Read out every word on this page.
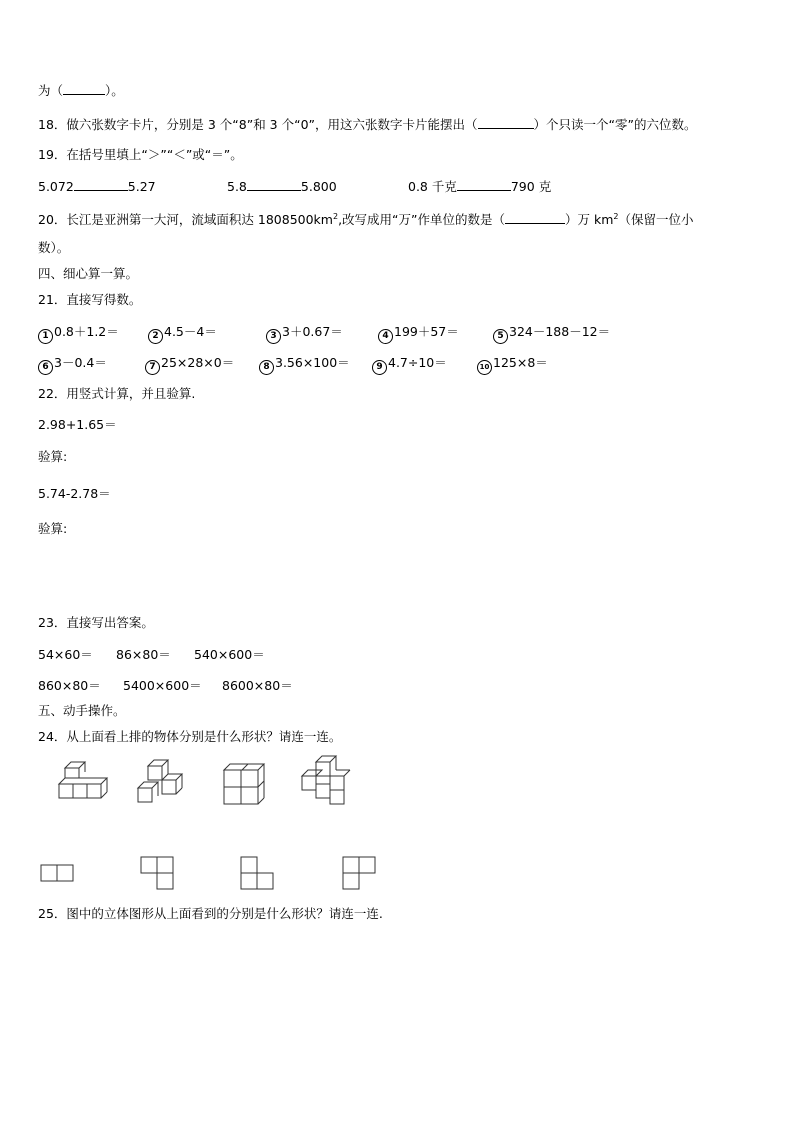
为（	）。
18．做六张数字卡片，分别是 3 个“8”和 3 个“0”，用这六张数字卡片能摆出（	）个只读一个“零”的六位数。
19．在括号里填上“＞”“＜”或“＝”。
5.072	5.27	5.8	5.800	0.8 千克	790 克
20．长江是亚洲第一大河，流域面积达 $1808500km^2$,改写成用“万”作单位的数是（	）万 $km^2$（保留一位小
数）。
四、细心算一算。
21．直接写得数。
1 0.8＋1.2＝	2 4.5－4＝	3 3＋0.67＝	4 199＋57＝	5 324－188－12＝
6 3－0.4＝	7 25×28×0＝	8 3.56×100＝	9 4.7÷10＝	10 125×8＝
22．用竖式计算，并且验算.
2.98+1.65＝
验算:
5.74-2.78＝
验算:
23．直接写出答案。
54×60＝ 86×80＝ 540×600＝
860×80＝ 5400×600＝ 8600×80＝
五、动手操作。
24．从上面看上排的物体分别是什么形状？请连一连。
25．图中的立体图形从上面看到的分别是什么形状？请连一连.
